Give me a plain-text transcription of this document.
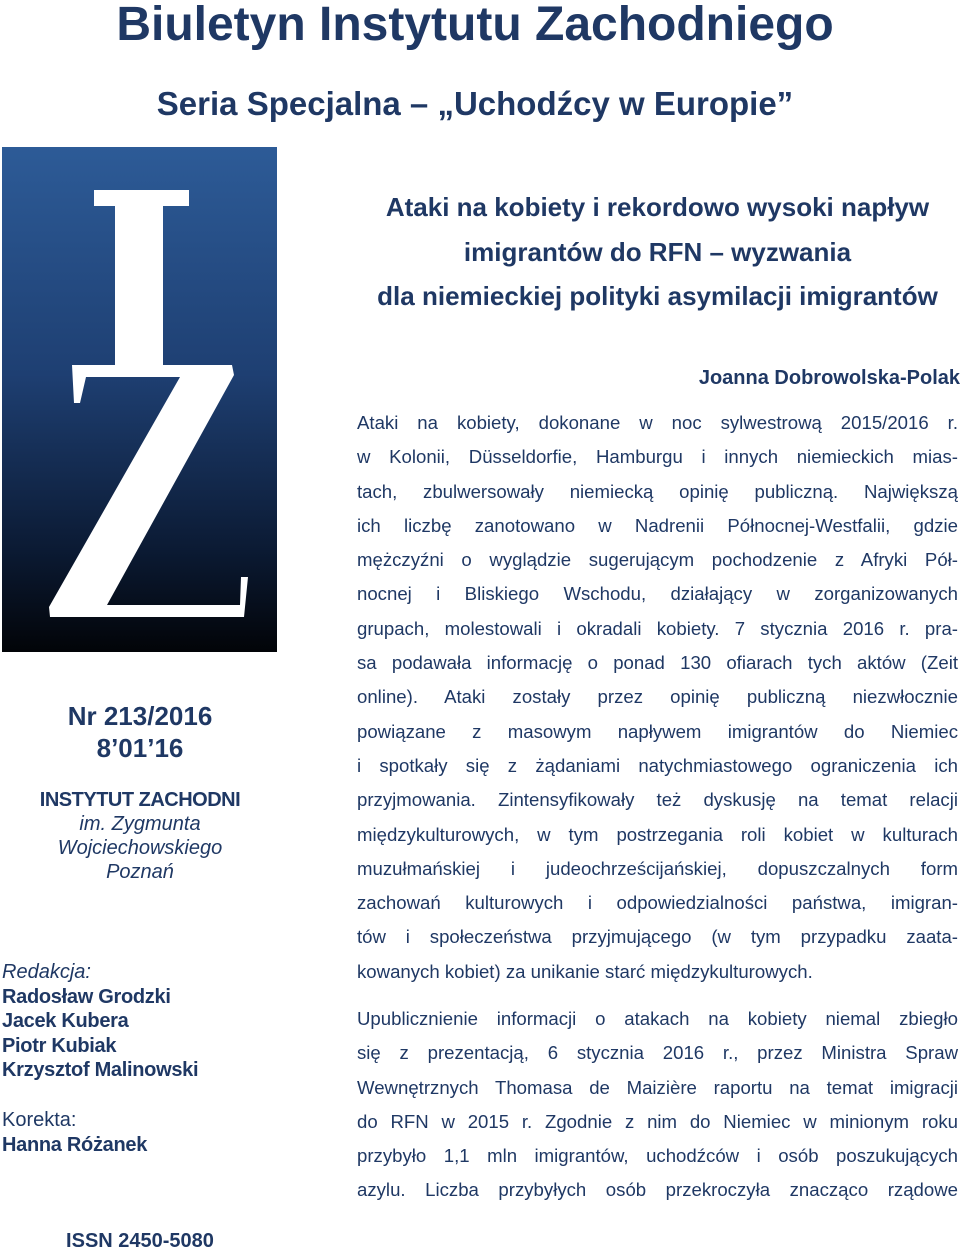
Biuletyn Instytutu Zachodniego
Seria Specjalna – „Uchodźcy w Europie”
Nr 213/2016
8’01’16
INSTYTUT ZACHODNI
im. Zygmunta
Wojciechowskiego
Poznań
Redakcja:
Radosław Grodzki
Jacek Kubera
Piotr Kubiak
Krzysztof Malinowski
Korekta:
Hanna Różanek
ISSN 2450-5080
Ataki na kobiety i rekordowo wysoki napływ
imigrantów do RFN – wyzwania
dla niemieckiej polityki asymilacji imigrantów
Joanna Dobrowolska-Polak

Ataki na kobiety, dokonane w noc sylwestrową 2015/2016 r.
w Kolonii, Düsseldorfie, Hamburgu i innych niemieckich mias-
tach, zbulwersowały niemiecką opinię publiczną. Największą
ich liczbę zanotowano w Nadrenii Północnej-Westfalii, gdzie
mężczyźni o wyglądzie sugerującym pochodzenie z Afryki Pół-
nocnej i Bliskiego Wschodu, działający w zorganizowanych
grupach, molestowali i okradali kobiety. 7 stycznia 2016 r. pra-
sa podawała informację o ponad 130 ofiarach tych aktów (Zeit
online). Ataki zostały przez opinię publiczną niezwłocznie
powiązane z masowym napływem imigrantów do Niemiec
i spotkały się z żądaniami natychmiastowego ograniczenia ich
przyjmowania. Zintensyfikowały też dyskusję na temat relacji
międzykulturowych, w tym postrzegania roli kobiet w kulturach
muzułmańskiej i judeochrześcijańskiej, dopuszczalnych form
zachowań kulturowych i odpowiedzialności państwa, imigran-
tów i społeczeństwa przyjmującego (w tym przypadku zaata-
kowanych kobiet) za unikanie starć międzykulturowych.

Upublicznienie informacji o atakach na kobiety niemal zbiegło
się z prezentacją, 6 stycznia 2016 r., przez Ministra Spraw
Wewnętrznych Thomasa de Maizière raportu na temat imigracji
do RFN w 2015 r. Zgodnie z nim do Niemiec w minionym roku
przybyło 1,1 mln imigrantów, uchodźców i osób poszukujących
azylu. Liczba przybyłych osób przekroczyła znacząco rządowe
